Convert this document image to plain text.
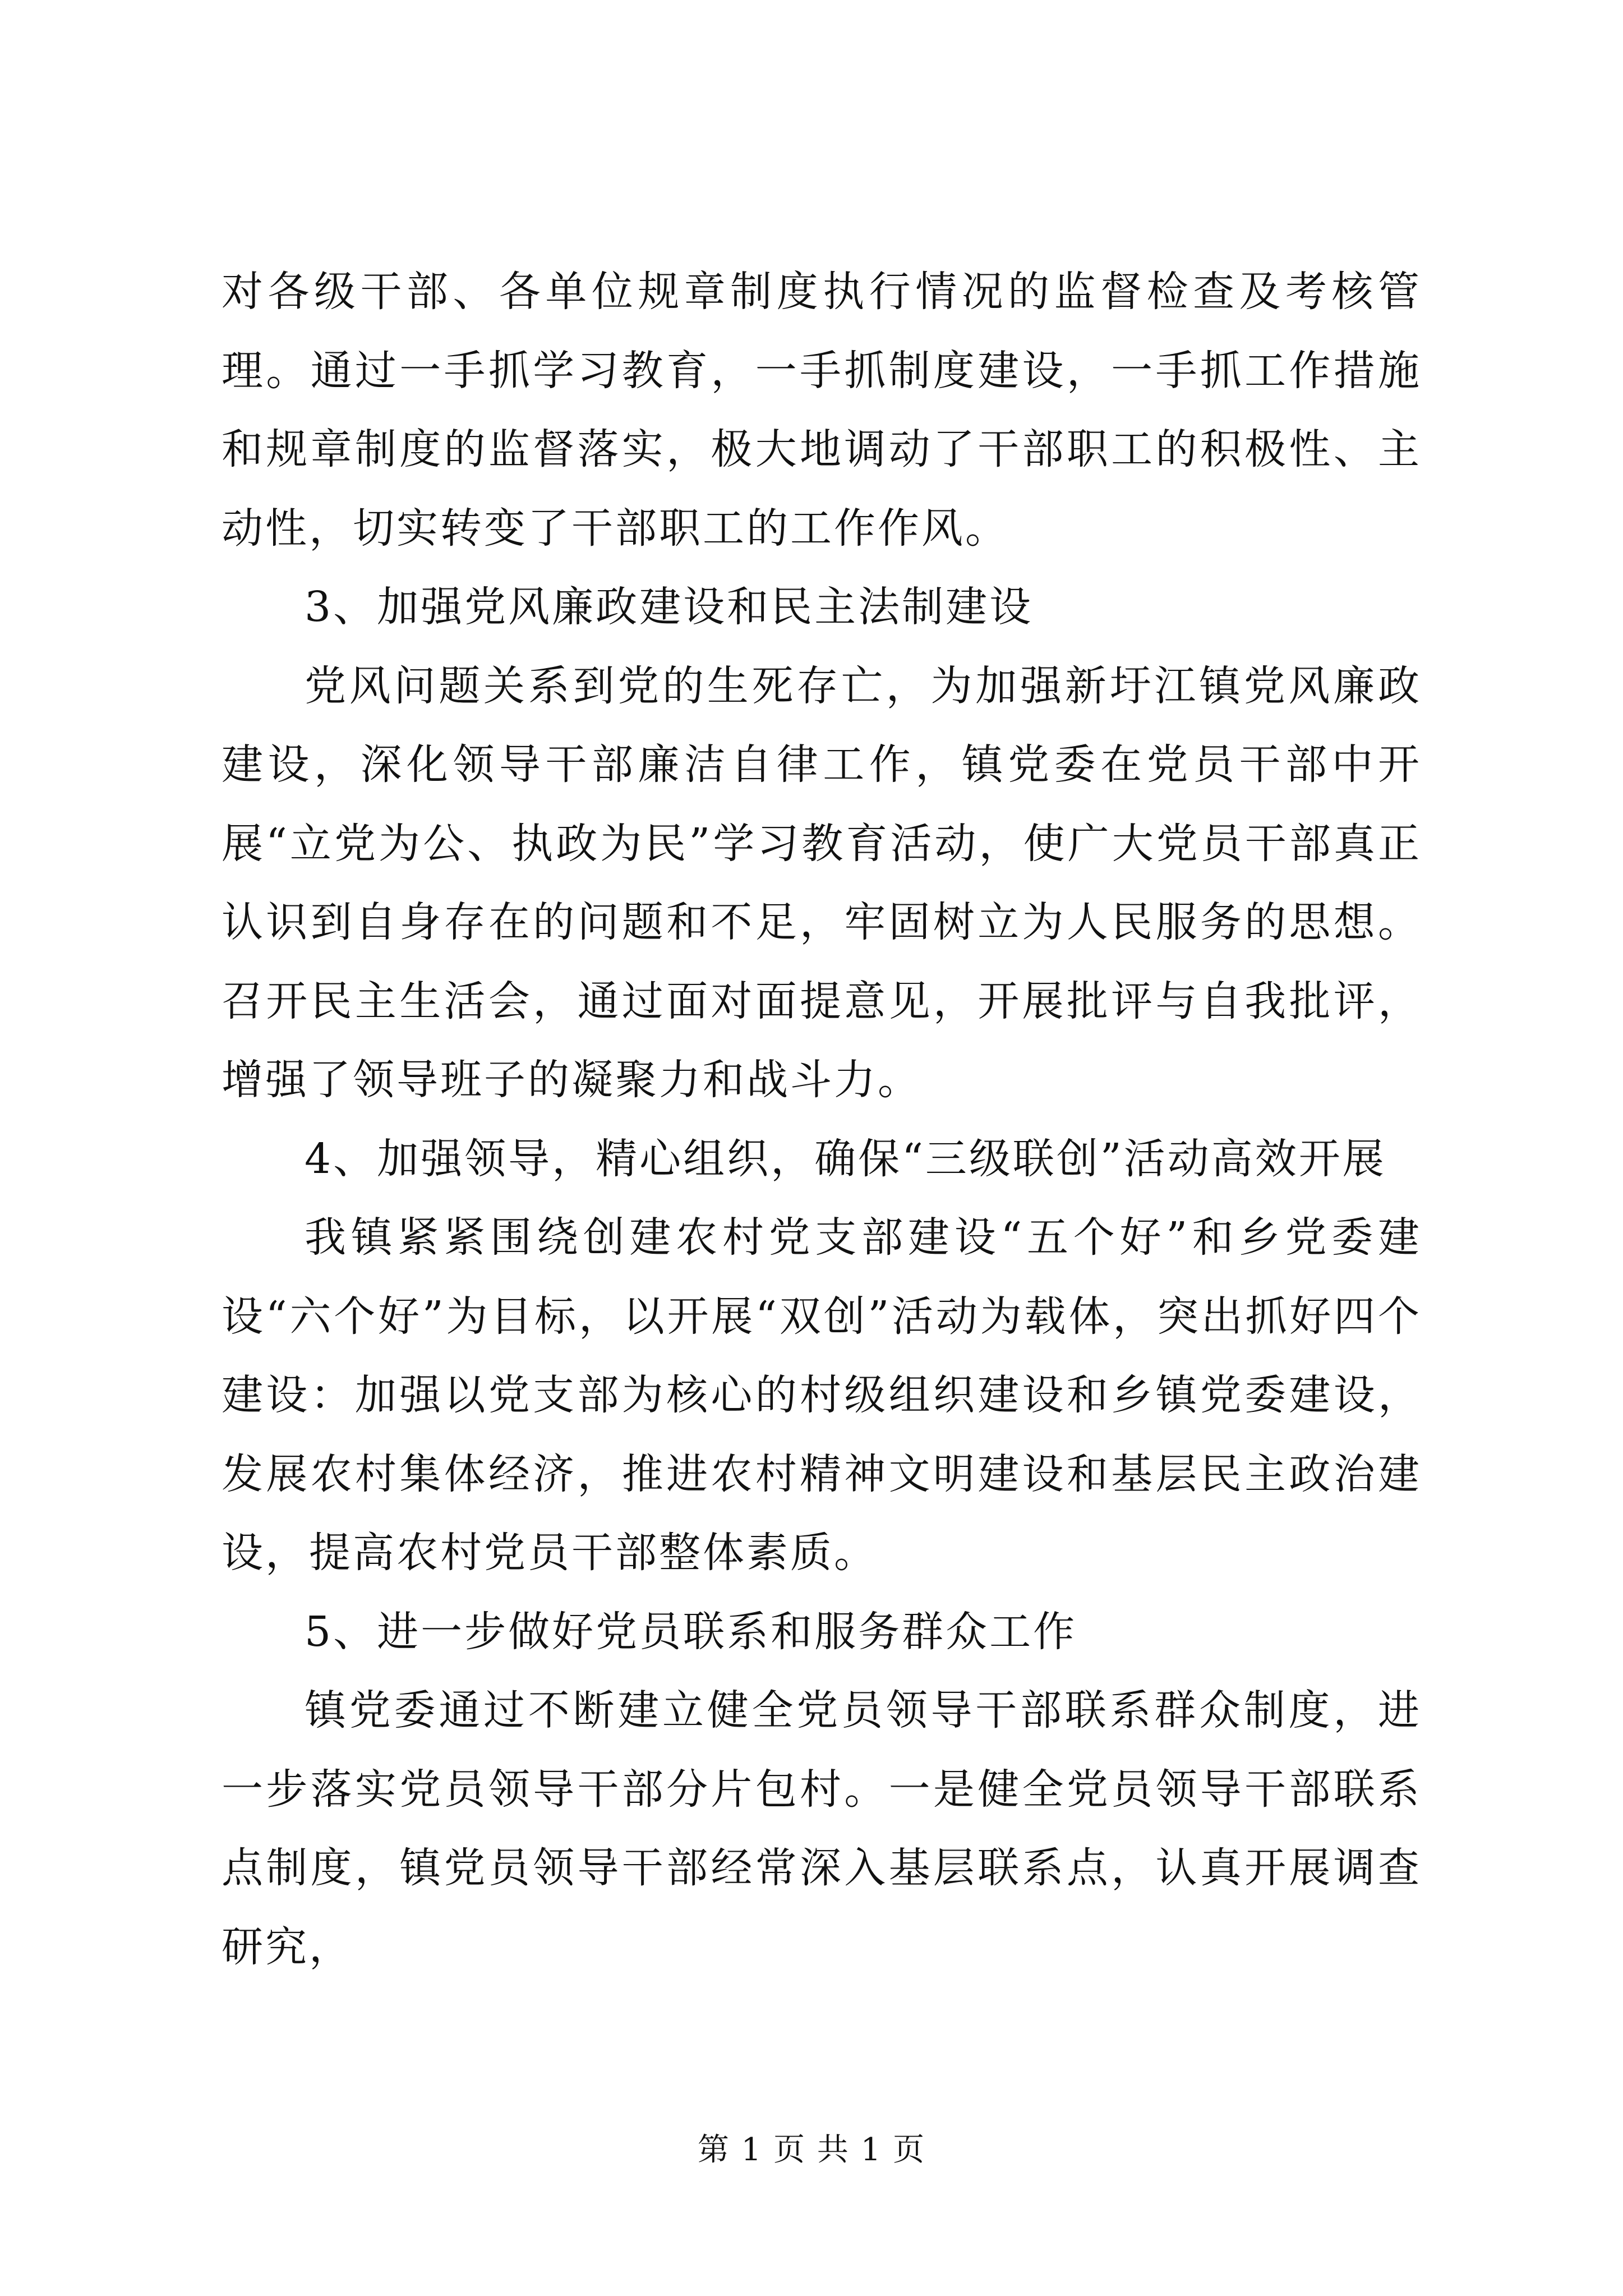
对各级干部、各单位规章制度执行情况的监督检查及考核管理。通过一手抓学习教育，一手抓制度建设，一手抓工作措施和规章制度的监督落实，极大地调动了干部职工的积极性、主动性，切实转变了干部职工的工作作风。

3、加强党风廉政建设和民主法制建设

党风问题关系到党的生死存亡，为加强新圩江镇党风廉政建设，深化领导干部廉洁自律工作，镇党委在党员干部中开展“立党为公、执政为民”学习教育活动，使广大党员干部真正认识到自身存在的问题和不足，牢固树立为人民服务的思想。召开民主生活会，通过面对面提意见，开展批评与自我批评，增强了领导班子的凝聚力和战斗力。

4、加强领导，精心组织，确保“三级联创”活动高效开展

我镇紧紧围绕创建农村党支部建设“五个好”和乡党委建设“六个好”为目标，以开展“双创”活动为载体，突出抓好四个建设：加强以党支部为核心的村级组织建设和乡镇党委建设，发展农村集体经济，推进农村精神文明建设和基层民主政治建设，提高农村党员干部整体素质。

5、进一步做好党员联系和服务群众工作

镇党委通过不断建立健全党员领导干部联系群众制度，进一步落实党员领导干部分片包村。一是健全党员领导干部联系点制度，镇党员领导干部经常深入基层联系点，认真开展调查研究，

第 1 页 共 1 页
